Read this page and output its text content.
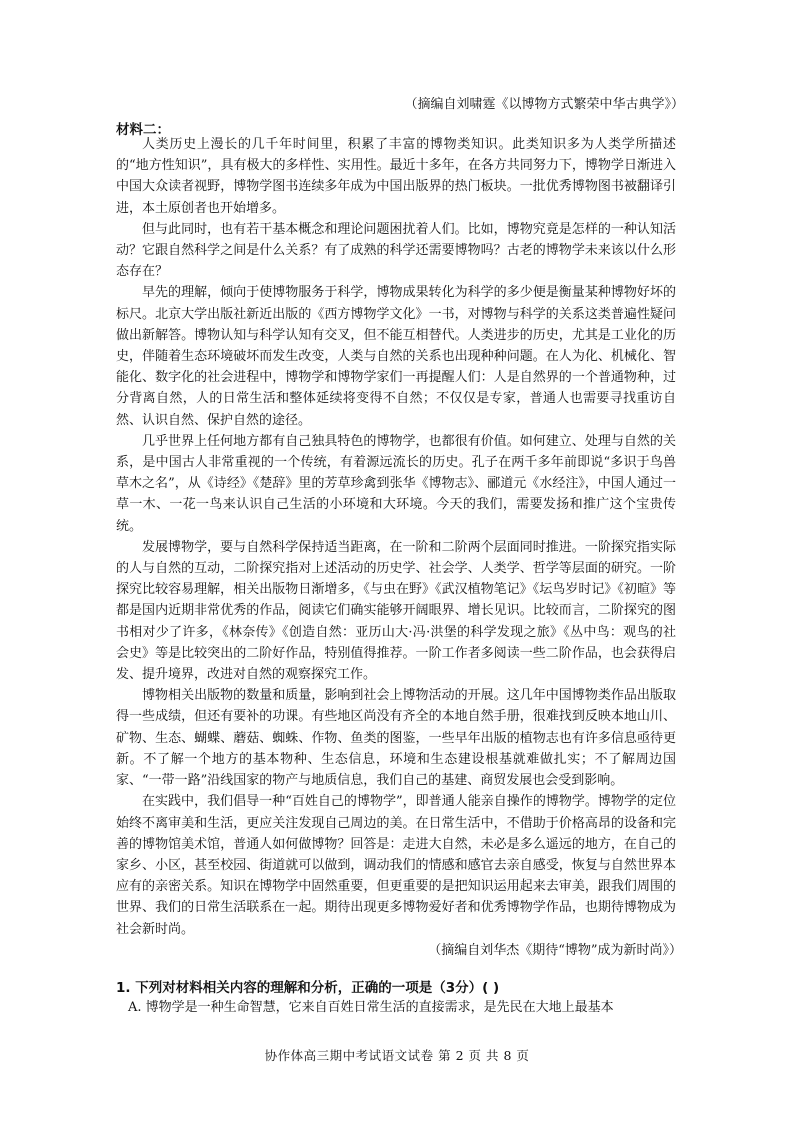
（摘编自刘啸霆《以博物方式繁荣中华古典学》）
材料二：

人类历史上漫长的几千年时间里，积累了丰富的博物类知识。此类知识多为人类学所描述的“地方性知识”，具有极大的多样性、实用性。最近十多年，在各方共同努力下，博物学日渐进入中国大众读者视野，博物学图书连续多年成为中国出版界的热门板块。一批优秀博物图书被翻译引进，本土原创者也开始增多。

但与此同时，也有若干基本概念和理论问题困扰着人们。比如，博物究竟是怎样的一种认知活动？它跟自然科学之间是什么关系？有了成熟的科学还需要博物吗？古老的博物学未来该以什么形态存在？

早先的理解，倾向于使博物服务于科学，博物成果转化为科学的多少便是衡量某种博物好坏的标尺。北京大学出版社新近出版的《西方博物学文化》一书，对博物与科学的关系这类普遍性疑问做出新解答。博物认知与科学认知有交叉，但不能互相替代。人类进步的历史，尤其是工业化的历史，伴随着生态环境破坏而发生改变，人类与自然的关系也出现种种问题。在人为化、机械化、智能化、数字化的社会进程中，博物学和博物学家们一再提醒人们：人是自然界的一个普通物种，过分背离自然，人的日常生活和整体延续将变得不自然；不仅仅是专家，普通人也需要寻找重访自然、认识自然、保护自然的途径。

几乎世界上任何地方都有自己独具特色的博物学，也都很有价值。如何建立、处理与自然的关系，是中国古人非常重视的一个传统，有着源远流长的历史。孔子在两千多年前即说“多识于鸟兽草木之名”，从《诗经》《楚辞》里的芳草珍禽到张华《博物志》、郦道元《水经注》，中国人通过一草一木、一花一鸟来认识自己生活的小环境和大环境。今天的我们，需要发扬和推广这个宝贵传统。

发展博物学，要与自然科学保持适当距离，在一阶和二阶两个层面同时推进。一阶探究指实际的人与自然的互动，二阶探究指对上述活动的历史学、社会学、人类学、哲学等层面的研究。一阶探究比较容易理解，相关出版物日渐增多，《与虫在野》《武汉植物笔记》《坛鸟岁时记》《初暄》等都是国内近期非常优秀的作品，阅读它们确实能够开阔眼界、增长见识。比较而言，二阶探究的图书相对少了许多，《林奈传》《创造自然：亚历山大·冯·洪堡的科学发现之旅》《丛中鸟：观鸟的社会史》等是比较突出的二阶好作品，特别值得推荐。一阶工作者多阅读一些二阶作品，也会获得启发、提升境界，改进对自然的观察探究工作。

博物相关出版物的数量和质量，影响到社会上博物活动的开展。这几年中国博物类作品出版取得一些成绩，但还有要补的功课。有些地区尚没有齐全的本地自然手册，很难找到反映本地山川、矿物、生态、蝴蝶、蘑菇、蜘蛛、作物、鱼类的图鉴，一些早年出版的植物志也有许多信息亟待更新。不了解一个地方的基本物种、生态信息，环境和生态建设根基就难做扎实；不了解周边国家、“一带一路”沿线国家的物产与地质信息，我们自己的基建、商贸发展也会受到影响。

在实践中，我们倡导一种“百姓自己的博物学”，即普通人能亲自操作的博物学。博物学的定位始终不离审美和生活，更应关注发现自己周边的美。在日常生活中，不借助于价格高昂的设备和完善的博物馆美术馆，普通人如何做博物？回答是：走进大自然，未必是多么遥远的地方，在自己的家乡、小区，甚至校园、街道就可以做到，调动我们的情感和感官去亲自感受，恢复与自然世界本应有的亲密关系。知识在博物学中固然重要，但更重要的是把知识运用起来去审美，跟我们周围的世界、我们的日常生活联系在一起。期待出现更多博物爱好者和优秀博物学作品，也期待博物成为社会新时尚。

（摘编自刘华杰《期待“博物”成为新时尚》）
1. 下列对材料相关内容的理解和分析，正确的一项是（3分）( )
A. 博物学是一种生命智慧，它来自百姓日常生活的直接需求，是先民在大地上最基本
协作体高三期中考试语文试卷 第 2 页 共 8 页
